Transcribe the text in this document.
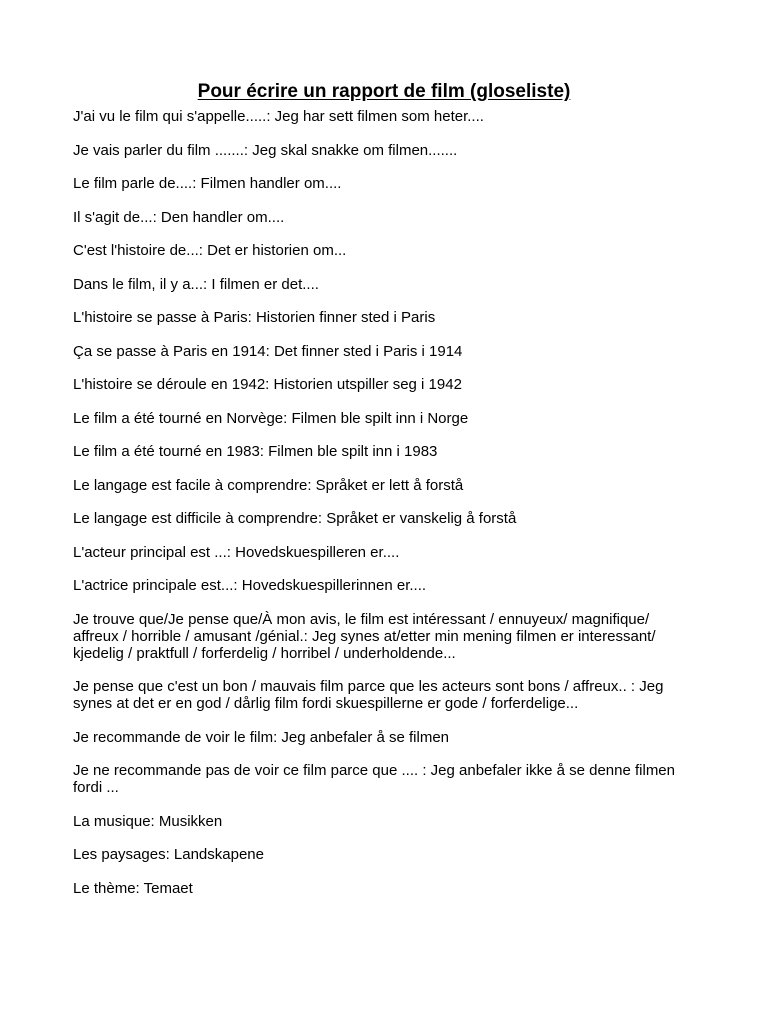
Pour écrire un rapport de film (gloseliste)
J'ai vu le film qui s'appelle.....: Jeg har sett filmen som heter....
Je vais parler du film .......: Jeg skal snakke om filmen.......
Le film parle de....: Filmen handler om....
Il s'agit de...: Den handler om....
C'est l'histoire de...: Det er historien om...
Dans le film, il y a...: I filmen er det....
L'histoire se passe à Paris: Historien finner sted i Paris
Ça se passe à Paris en 1914: Det finner sted i Paris i 1914
L'histoire se déroule en 1942: Historien utspiller seg i 1942
Le film a été tourné en Norvège: Filmen ble spilt inn i Norge
Le film a été tourné en 1983: Filmen ble spilt inn i 1983
Le langage est facile à comprendre: Språket er lett å forstå
Le langage est difficile à comprendre: Språket er vanskelig å forstå
L'acteur principal est ...: Hovedskuespilleren er....
L'actrice principale est...: Hovedskuespillerinnen er....
Je trouve que/Je pense que/À mon avis, le film est intéressant / ennuyeux/ magnifique/ affreux / horrible / amusant /génial.: Jeg synes at/etter min mening filmen er interessant/ kjedelig / praktfull / forferdelig / horribel / underholdende...
Je pense que c'est un bon / mauvais film parce que les acteurs sont bons / affreux.. : Jeg synes at det er en god / dårlig film fordi skuespillerne er gode / forferdelige...
Je recommande de voir le film: Jeg anbefaler å se filmen
Je ne recommande pas de voir ce film parce que .... : Jeg anbefaler ikke å se denne filmen fordi ...
La musique: Musikken
Les paysages: Landskapene
Le thème: Temaet
